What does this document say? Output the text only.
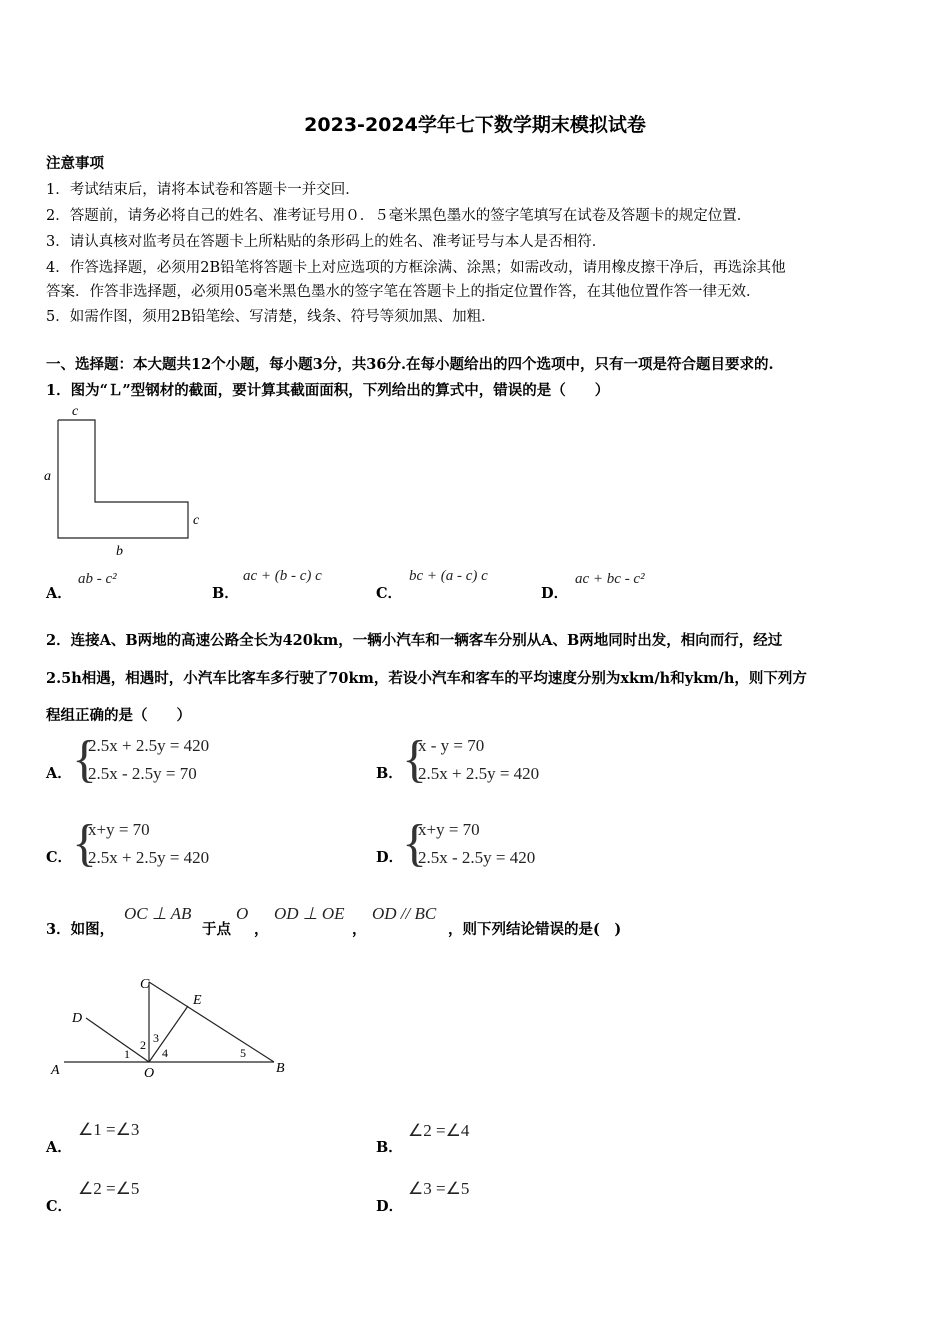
2023-2024学年七下数学期末模拟试卷
注意事项
1．考试结束后，请将本试卷和答题卡一并交回．
2．答题前，请务必将自己的姓名、准考证号用０．５毫米黑色墨水的签字笔填写在试卷及答题卡的规定位置．
3．请认真核对监考员在答题卡上所粘贴的条形码上的姓名、准考证号与本人是否相符．
4．作答选择题，必须用2B铅笔将答题卡上对应选项的方框涂满、涂黑；如需改动，请用橡皮擦干净后，再选涂其他
答案．作答非选择题，必须用05毫米黑色墨水的签字笔在答题卡上的指定位置作答，在其他位置作答一律无效．
5．如需作图，须用2B铅笔绘、写清楚，线条、符号等须加黑、加粗．
一、选择题：本大题共12个小题，每小题3分，共36分.在每小题给出的四个选项中，只有一项是符合题目要求的.
1．图为“Ｌ”型钢材的截面，要计算其截面面积，下列给出的算式中，错误的是（　　）
c
a
c
b
A．
ab - c²
B．
ac + (b - c) c
C．
bc + (a - c) c
D．
ac + bc - c²
2．连接A、B两地的高速公路全长为420km，一辆小汽车和一辆客车分别从A、B两地同时出发，相向而行，经过
2.5h相遇，相遇时，小汽车比客车多行驶了70km，若设小汽车和客车的平均速度分别为xkm/h和ykm/h，则下列方
程组正确的是（　　）
A． {
2.5x + 2.5y = 420
2.5x - 2.5y = 70	B． {
x - y = 70
2.5x + 2.5y = 420
C． {
x+y = 70
2.5x + 2.5y = 420	D．
{
x+y = 70
2.5x - 2.5y = 420
3．如图，
OC ⊥ AB
于点
O
，
OD ⊥ OE
，
OD // BC
，则下列结论错误的是(　)
A	B
C
D
E
O
1
2 3
4	5
A．
∠1 =∠3
B．
∠2 =∠4
C．
∠2 =∠5
D．
∠3 =∠5
